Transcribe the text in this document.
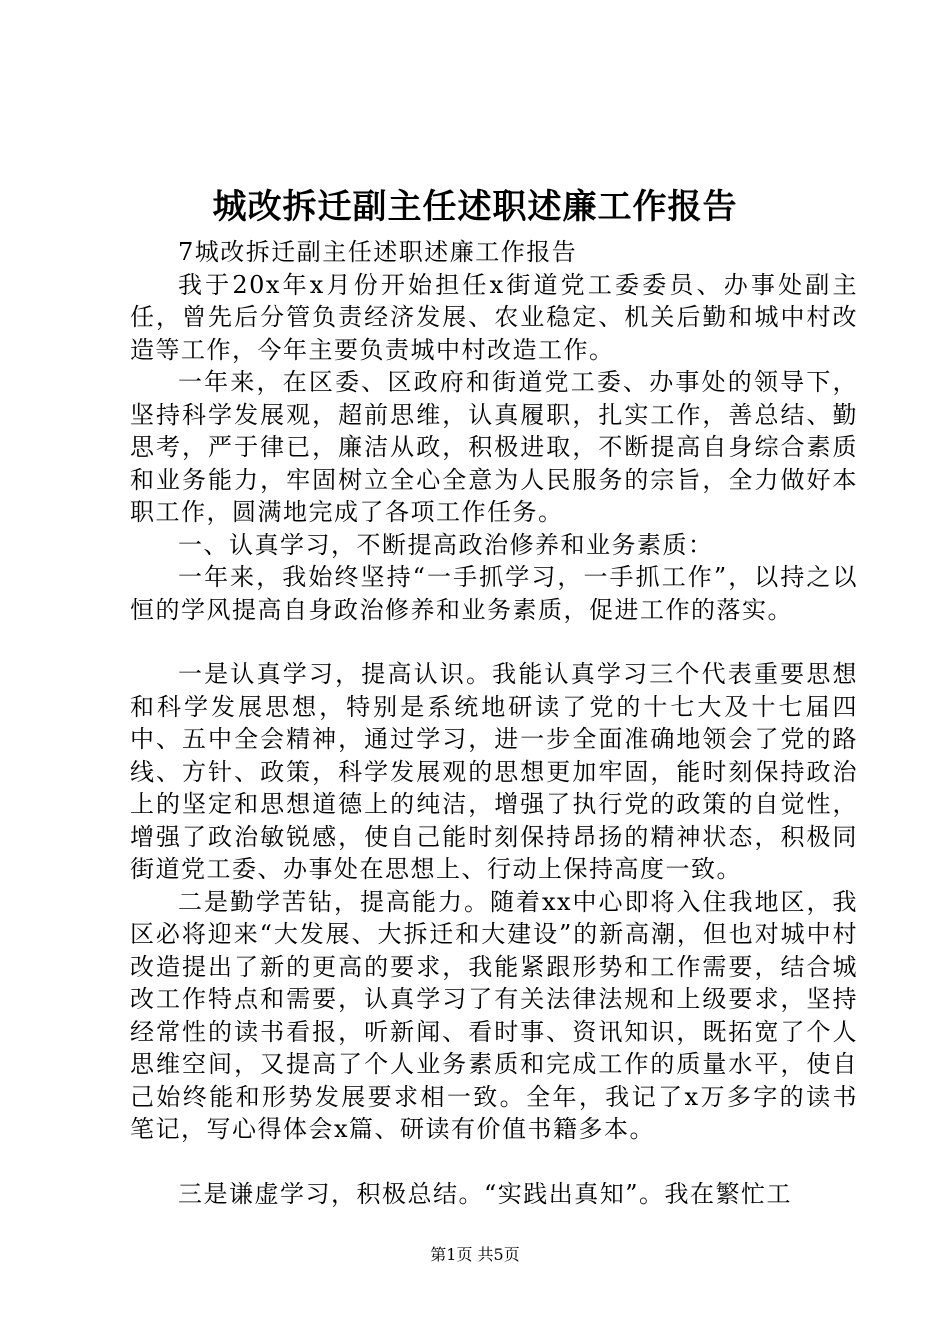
城改拆迁副主任述职述廉工作报告

7城改拆迁副主任述职述廉工作报告

我于20x年x月份开始担任x街道党工委委员、办事处副主任，曾先后分管负责经济发展、农业稳定、机关后勤和城中村改造等工作，今年主要负责城中村改造工作。

一年来，在区委、区政府和街道党工委、办事处的领导下，坚持科学发展观，超前思维，认真履职，扎实工作，善总结、勤思考，严于律已，廉洁从政，积极进取，不断提高自身综合素质和业务能力，牢固树立全心全意为人民服务的宗旨，全力做好本职工作，圆满地完成了各项工作任务。

一、认真学习，不断提高政治修养和业务素质：

一年来，我始终坚持“一手抓学习，一手抓工作”，以持之以恒的学风提高自身政治修养和业务素质，促进工作的落实。

一是认真学习，提高认识。我能认真学习三个代表重要思想和科学发展思想，特别是系统地研读了党的十七大及十七届四中、五中全会精神，通过学习，进一步全面准确地领会了党的路线、方针、政策，科学发展观的思想更加牢固，能时刻保持政治上的坚定和思想道德上的纯洁，增强了执行党的政策的自觉性，增强了政治敏锐感，使自己能时刻保持昂扬的精神状态，积极同街道党工委、办事处在思想上、行动上保持高度一致。

二是勤学苦钻，提高能力。随着xx中心即将入住我地区，我区必将迎来“大发展、大拆迁和大建设”的新高潮，但也对城中村改造提出了新的更高的要求，我能紧跟形势和工作需要，结合城改工作特点和需要，认真学习了有关法律法规和上级要求，坚持经常性的读书看报，听新闻、看时事、资讯知识，既拓宽了个人思维空间，又提高了个人业务素质和完成工作的质量水平，使自己始终能和形势发展要求相一致。全年，我记了x万多字的读书笔记，写心得体会x篇、研读有价值书籍多本。

三是谦虚学习，积极总结。“实践出真知”。我在繁忙工

第1页 共5页
